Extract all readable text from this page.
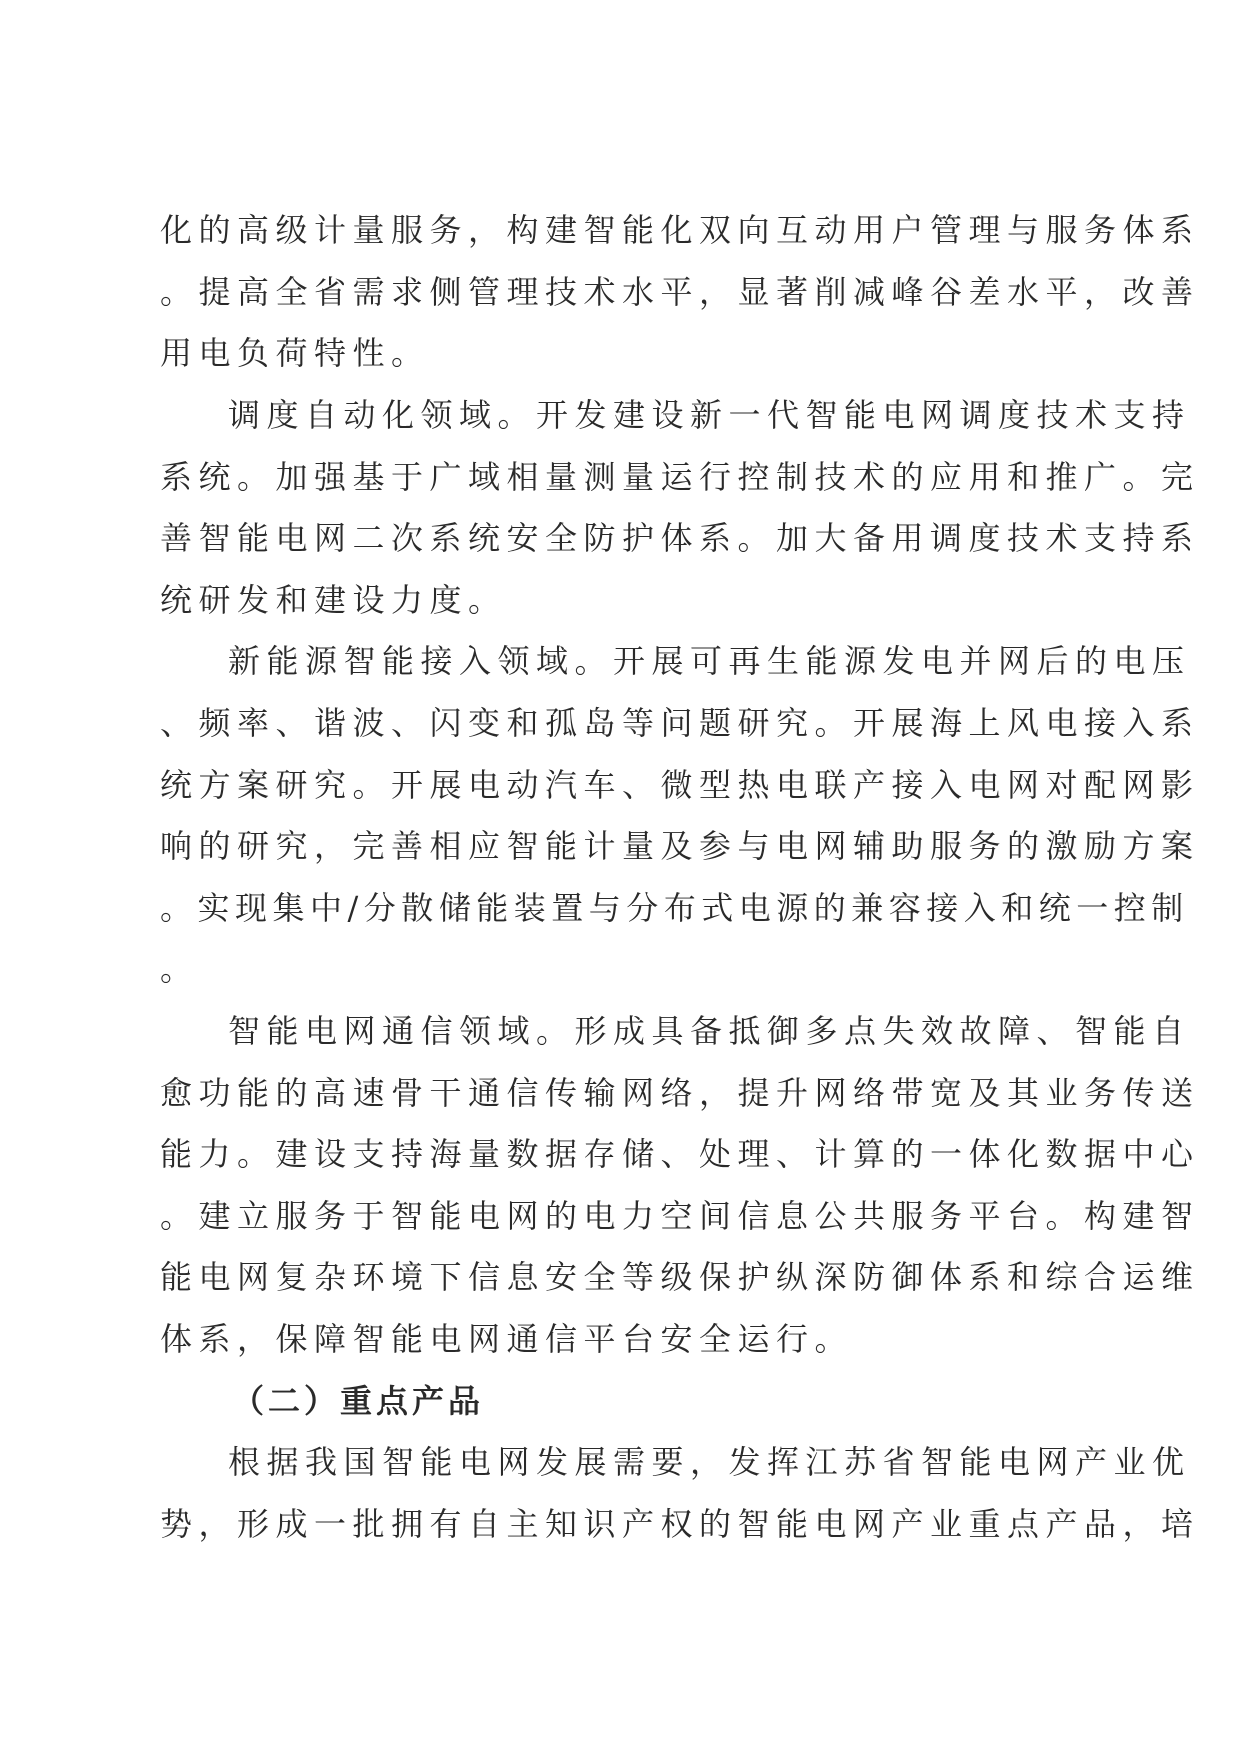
化的高级计量服务，构建智能化双向互动用户管理与服务体系
。提高全省需求侧管理技术水平，显著削减峰谷差水平，改善
用电负荷特性。
调度自动化领域。开发建设新一代智能电网调度技术支持
系统。加强基于广域相量测量运行控制技术的应用和推广。完
善智能电网二次系统安全防护体系。加大备用调度技术支持系
统研发和建设力度。
新能源智能接入领域。开展可再生能源发电并网后的电压
、频率、谐波、闪变和孤岛等问题研究。开展海上风电接入系
统方案研究。开展电动汽车、微型热电联产接入电网对配网影
响的研究，完善相应智能计量及参与电网辅助服务的激励方案
。实现集中/分散储能装置与分布式电源的兼容接入和统一控制
。
智能电网通信领域。形成具备抵御多点失效故障、智能自
愈功能的高速骨干通信传输网络，提升网络带宽及其业务传送
能力。建设支持海量数据存储、处理、计算的一体化数据中心
。建立服务于智能电网的电力空间信息公共服务平台。构建智
能电网复杂环境下信息安全等级保护纵深防御体系和综合运维
体系，保障智能电网通信平台安全运行。
（二）重点产品
根据我国智能电网发展需要，发挥江苏省智能电网产业优
势，形成一批拥有自主知识产权的智能电网产业重点产品，培
